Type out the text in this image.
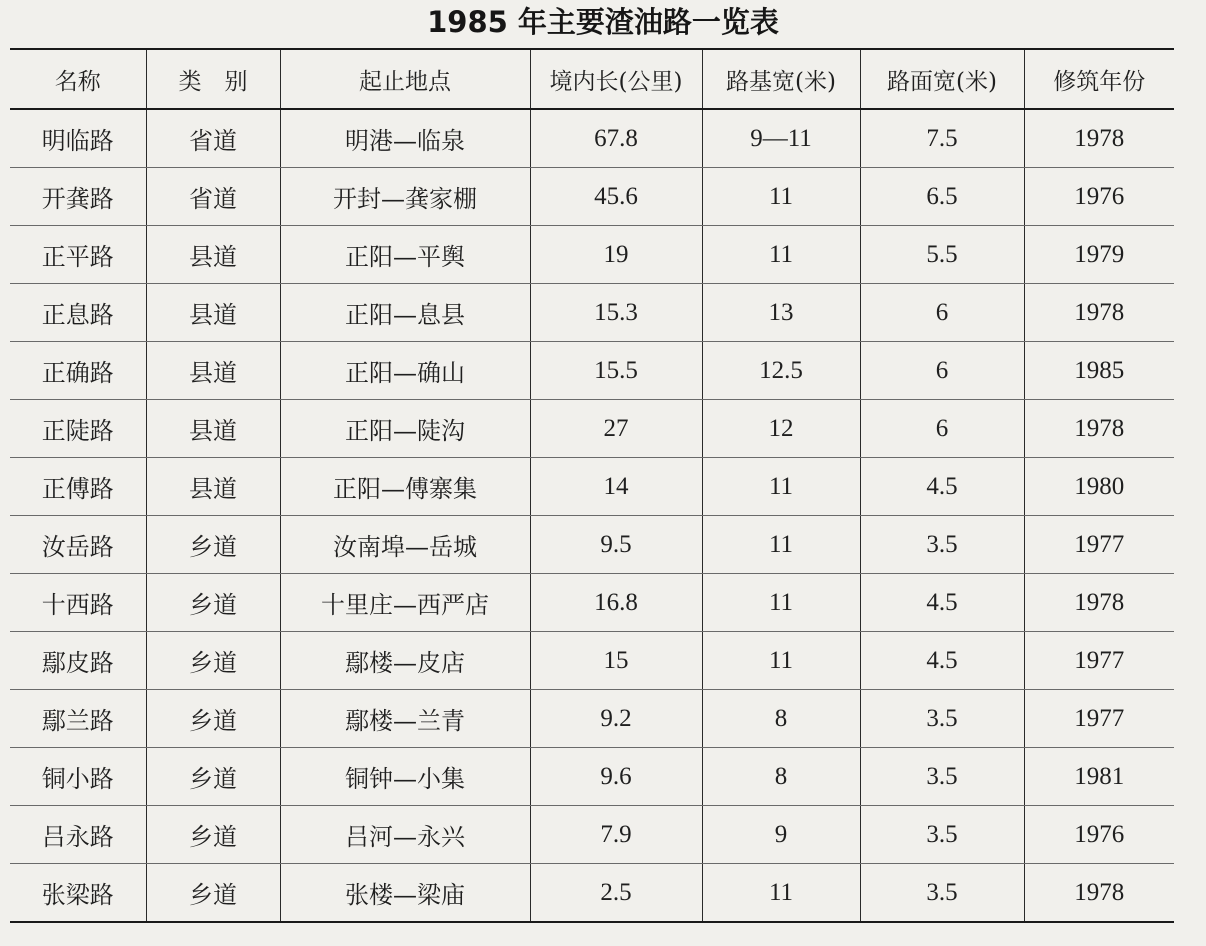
1985 年主要渣油路一览表
名称	类　别	起止地点	境内长(公里)	路基宽(米)	路面宽(米)	修筑年份
明临路	省道	明港—临泉	67.8	9—11	7.5	1978
开龚路	省道	开封—龚家棚	45.6	11	6.5	1976
正平路	县道	正阳—平舆	19	11	5.5	1979
正息路	县道	正阳—息县	15.3	13	6	1978
正确路	县道	正阳—确山	15.5	12.5	6	1985
正陡路	县道	正阳—陡沟	27	12	6	1978
正傅路	县道	正阳—傅寨集	14	11	4.5	1980
汝岳路	乡道	汝南埠—岳城	9.5	11	3.5	1977
十西路	乡道	十里庄—西严店	16.8	11	4.5	1978
鄢皮路	乡道	鄢楼—皮店	15	11	4.5	1977
鄢兰路	乡道	鄢楼—兰青	9.2	8	3.5	1977
铜小路	乡道	铜钟—小集	9.6	8	3.5	1981
吕永路	乡道	吕河—永兴	7.9	9	3.5	1976
张梁路	乡道	张楼—梁庙	2.5	11	3.5	1978
